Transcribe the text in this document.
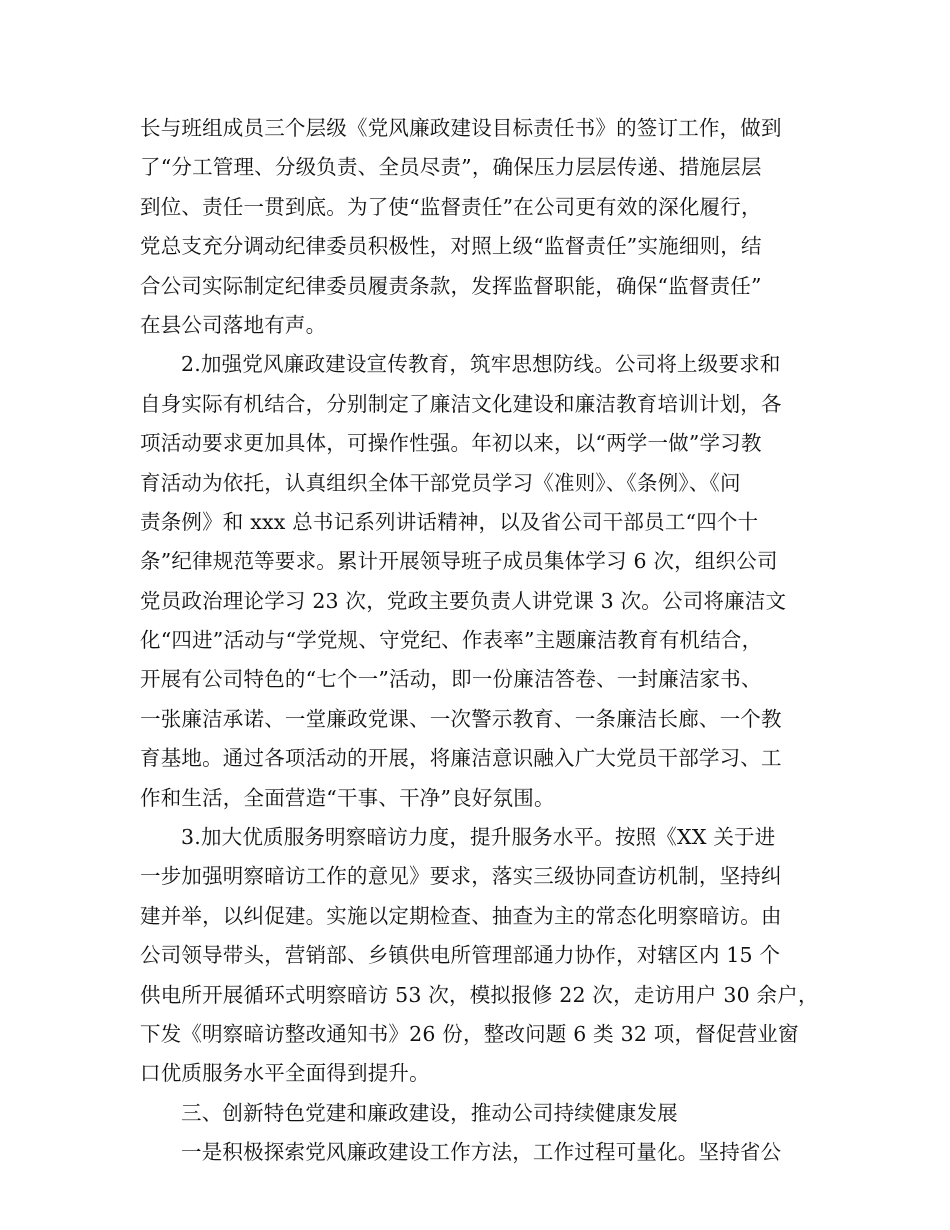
长与班组成员三个层级《党风廉政建设目标责任书》的签订工作，做到
了“分工管理、分级负责、全员尽责”，确保压力层层传递、措施层层
到位、责任一贯到底。为了使“监督责任”在公司更有效的深化履行，
党总支充分调动纪律委员积极性，对照上级“监督责任”实施细则，结
合公司实际制定纪律委员履责条款，发挥监督职能，确保“监督责任”
在县公司落地有声。
2.加强党风廉政建设宣传教育，筑牢思想防线。公司将上级要求和
自身实际有机结合，分别制定了廉洁文化建设和廉洁教育培训计划，各
项活动要求更加具体，可操作性强。年初以来，以“两学一做”学习教
育活动为依托，认真组织全体干部党员学习《准则》、《条例》、《问
责条例》和 xxx 总书记系列讲话精神，以及省公司干部员工“四个十
条”纪律规范等要求。累计开展领导班子成员集体学习 6 次，组织公司
党员政治理论学习 23 次，党政主要负责人讲党课 3 次。公司将廉洁文
化“四进”活动与“学党规、守党纪、作表率”主题廉洁教育有机结合，
开展有公司特色的“七个一”活动，即一份廉洁答卷、一封廉洁家书、
一张廉洁承诺、一堂廉政党课、一次警示教育、一条廉洁长廊、一个教
育基地。通过各项活动的开展，将廉洁意识融入广大党员干部学习、工
作和生活，全面营造“干事、干净”良好氛围。
3.加大优质服务明察暗访力度，提升服务水平。按照《XX 关于进
一步加强明察暗访工作的意见》要求，落实三级协同查访机制，坚持纠
建并举，以纠促建。实施以定期检查、抽查为主的常态化明察暗访。由
公司领导带头，营销部、乡镇供电所管理部通力协作，对辖区内 15 个
供电所开展循环式明察暗访 53 次，模拟报修 22 次，走访用户 30 余户，
下发《明察暗访整改通知书》26 份，整改问题 6 类 32 项，督促营业窗
口优质服务水平全面得到提升。
三、创新特色党建和廉政建设，推动公司持续健康发展
一是积极探索党风廉政建设工作方法，工作过程可量化。坚持省公
